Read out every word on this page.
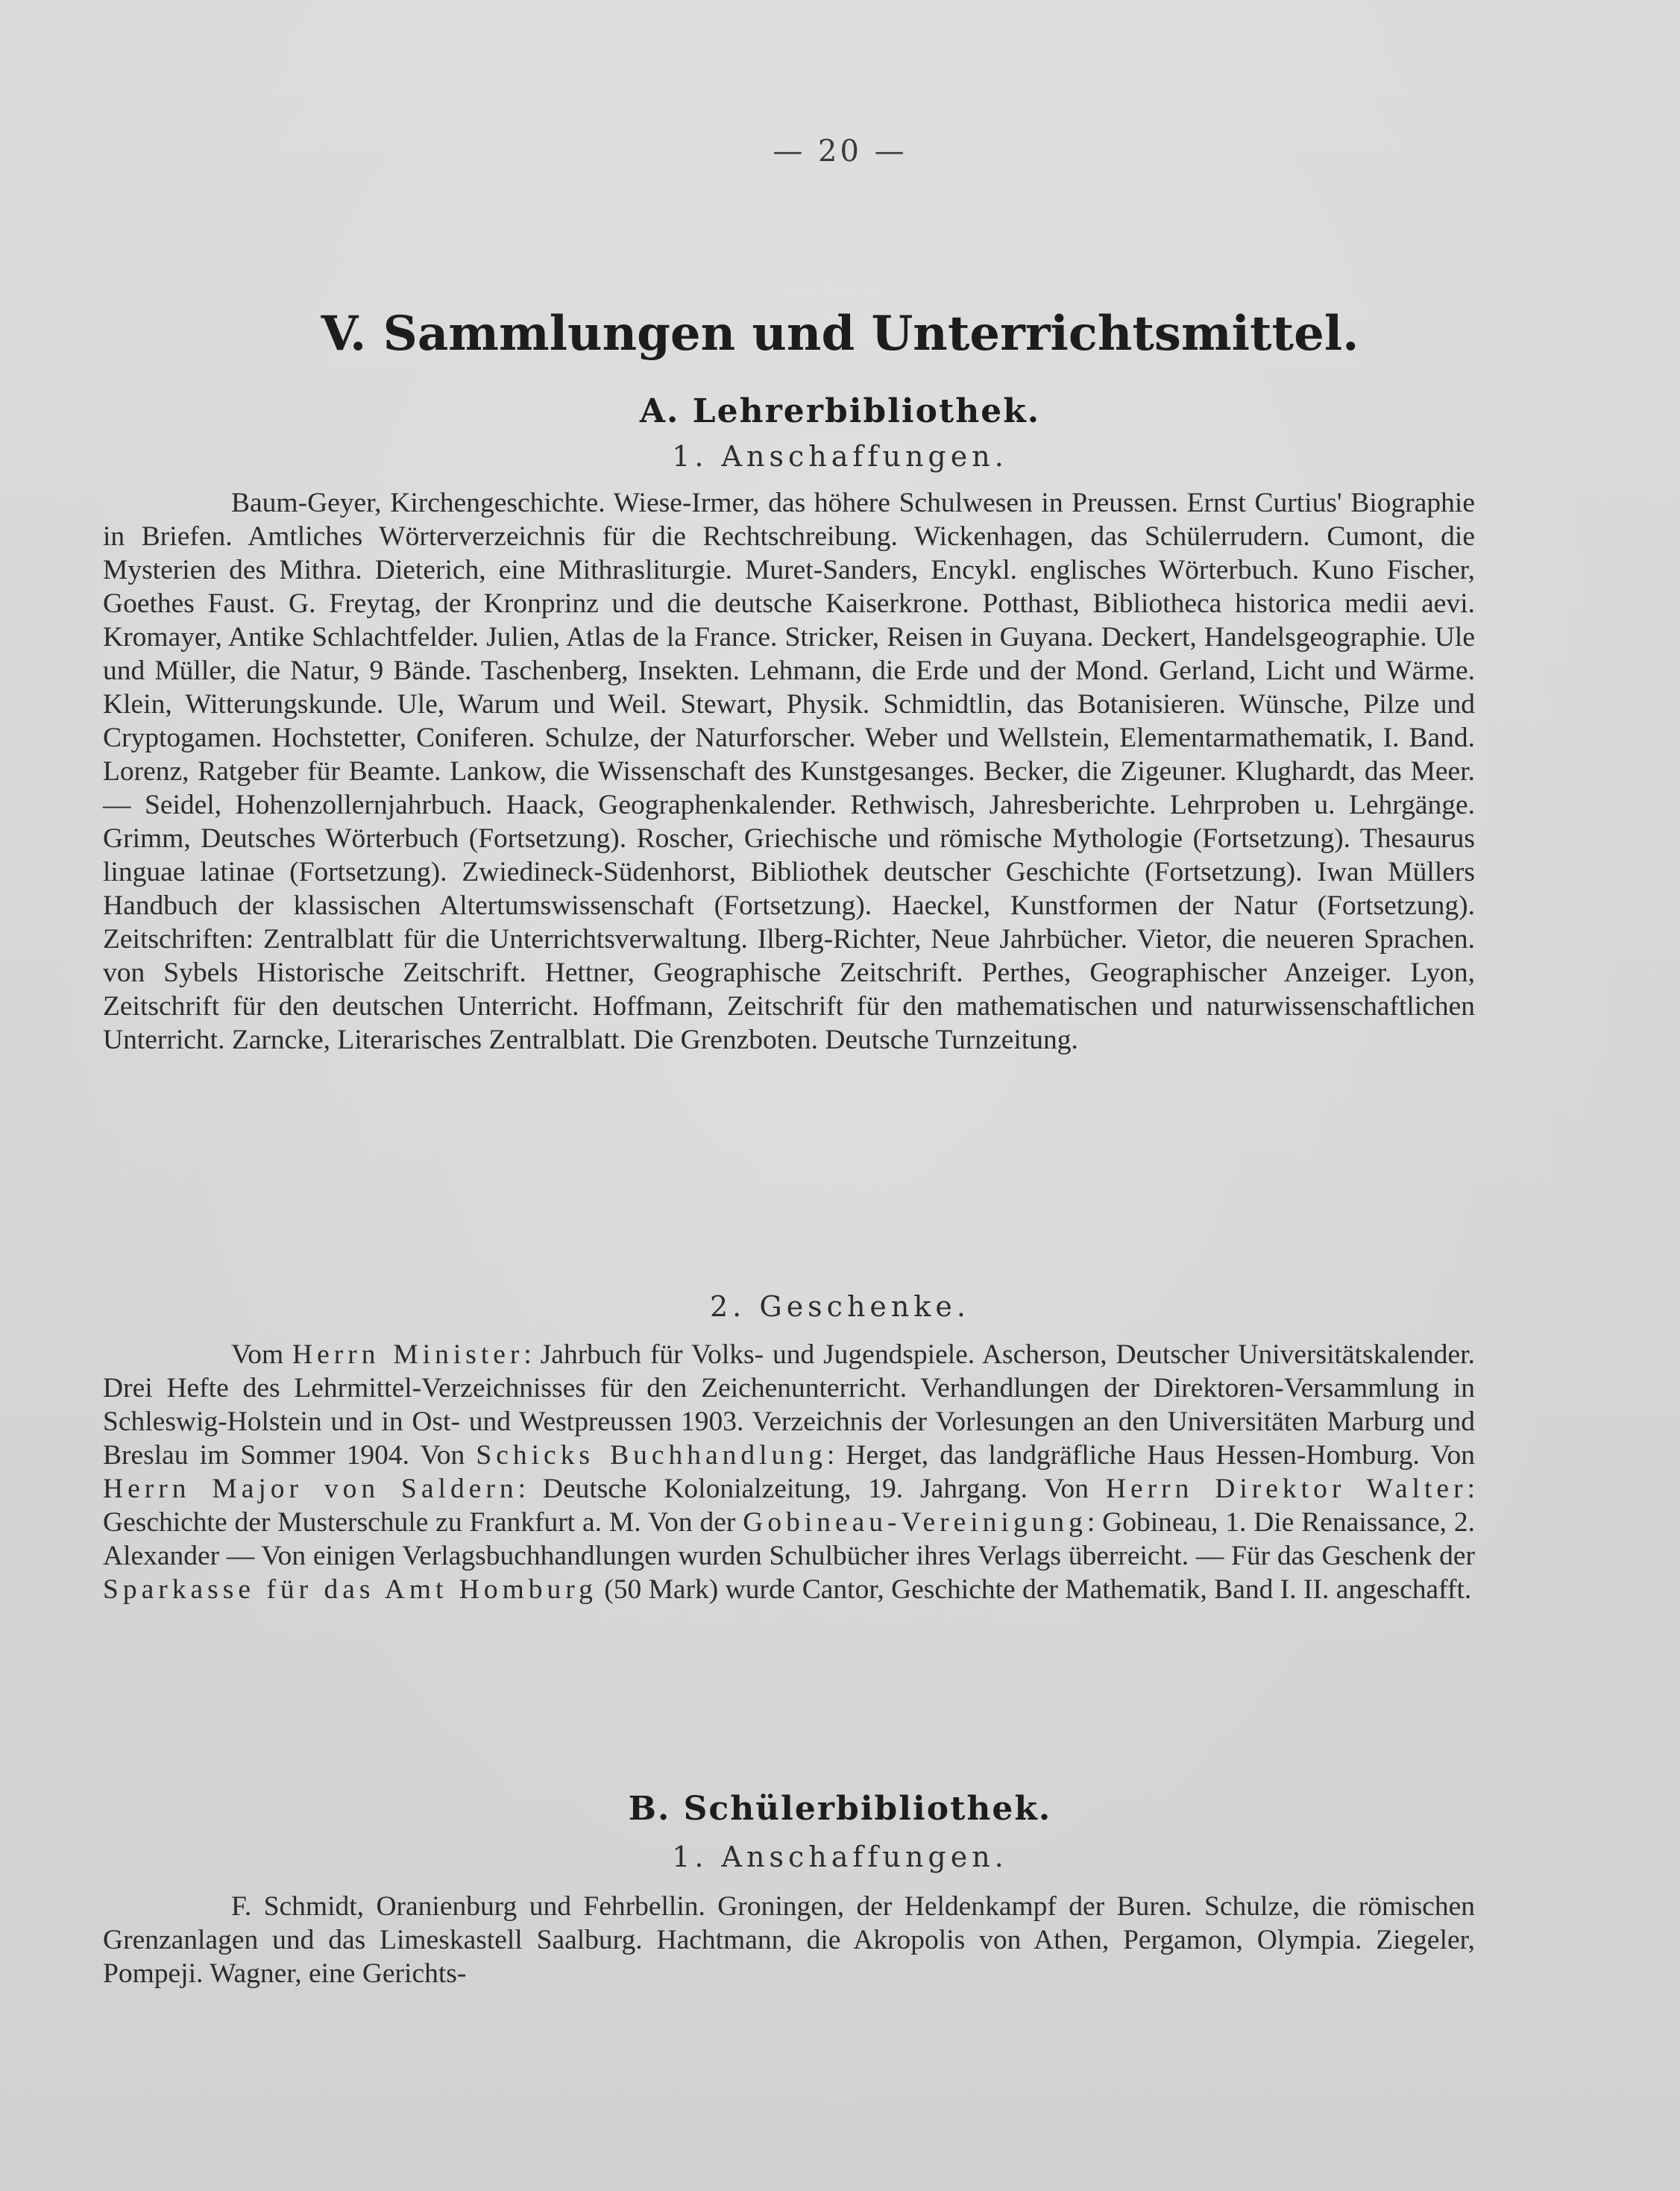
— 20 —
V. Sammlungen und Unterrichtsmittel.
A. Lehrerbibliothek.
1. Anschaffungen.

Baum-Geyer, Kirchengeschichte. Wiese-Irmer, das höhere Schulwesen in Preussen. Ernst Curtius' Biographie in Briefen. Amtliches Wörterverzeichnis für die Rechtschreibung. Wickenhagen, das Schülerrudern. Cumont, die Mysterien des Mithra. Dieterich, eine Mithrasliturgie. Muret-Sanders, Encykl. englisches Wörterbuch. Kuno Fischer, Goethes Faust. G. Freytag, der Kronprinz und die deutsche Kaiserkrone. Potthast, Bibliotheca historica medii aevi. Kromayer, Antike Schlachtfelder. Julien, Atlas de la France. Stricker, Reisen in Guyana. Deckert, Handelsgeographie. Ule und Müller, die Natur, 9 Bände. Taschenberg, Insekten. Lehmann, die Erde und der Mond. Gerland, Licht und Wärme. Klein, Witterungskunde. Ule, Warum und Weil. Stewart, Physik. Schmidtlin, das Botanisieren. Wünsche, Pilze und Cryptogamen. Hochstetter, Coniferen. Schulze, der Naturforscher. Weber und Wellstein, Elementarmathematik, I. Band. Lorenz, Ratgeber für Beamte. Lankow, die Wissenschaft des Kunstgesanges. Becker, die Zigeuner. Klughardt, das Meer. — Seidel, Hohenzollernjahrbuch. Haack, Geographenkalender. Rethwisch, Jahresberichte. Lehrproben u. Lehrgänge. Grimm, Deutsches Wörterbuch (Fortsetzung). Roscher, Griechische und römische Mythologie (Fortsetzung). Thesaurus linguae latinae (Fortsetzung). Zwiedineck-Südenhorst, Bibliothek deutscher Geschichte (Fortsetzung). Iwan Müllers Handbuch der klassischen Altertumswissenschaft (Fortsetzung). Haeckel, Kunstformen der Natur (Fortsetzung). Zeitschriften: Zentralblatt für die Unterrichtsverwaltung. Ilberg-Richter, Neue Jahrbücher. Vietor, die neueren Sprachen. von Sybels Historische Zeitschrift. Hettner, Geographische Zeitschrift. Perthes, Geographischer Anzeiger. Lyon, Zeitschrift für den deutschen Unterricht. Hoffmann, Zeitschrift für den mathematischen und naturwissenschaftlichen Unterricht. Zarncke, Literarisches Zentralblatt. Die Grenzboten. Deutsche Turnzeitung.

2. Geschenke.

Vom Herrn Minister: Jahrbuch für Volks- und Jugendspiele. Ascherson, Deutscher Universitätskalender. Drei Hefte des Lehrmittel-Verzeichnisses für den Zeichenunterricht. Verhandlungen der Direktoren-Versammlung in Schleswig-Holstein und in Ost- und Westpreussen 1903. Verzeichnis der Vorlesungen an den Universitäten Marburg und Breslau im Sommer 1904. Von Schicks Buchhandlung: Herget, das landgräfliche Haus Hessen-Homburg. Von Herrn Major von Saldern: Deutsche Kolonialzeitung, 19. Jahrgang. Von Herrn Direktor Walter: Geschichte der Musterschule zu Frankfurt a. M. Von der Gobineau-Vereinigung: Gobineau, 1. Die Renaissance, 2. Alexander — Von einigen Verlagsbuchhandlungen wurden Schulbücher ihres Verlags überreicht. — Für das Geschenk der Sparkasse für das Amt Homburg (50 Mark) wurde Cantor, Geschichte der Mathematik, Band I. II. angeschafft.

B. Schülerbibliothek.
1. Anschaffungen.

F. Schmidt, Oranienburg und Fehrbellin. Groningen, der Heldenkampf der Buren. Schulze, die römischen Grenzanlagen und das Limeskastell Saalburg. Hachtmann, die Akropolis von Athen, Pergamon, Olympia. Ziegeler, Pompeji. Wagner, eine Gerichts-
